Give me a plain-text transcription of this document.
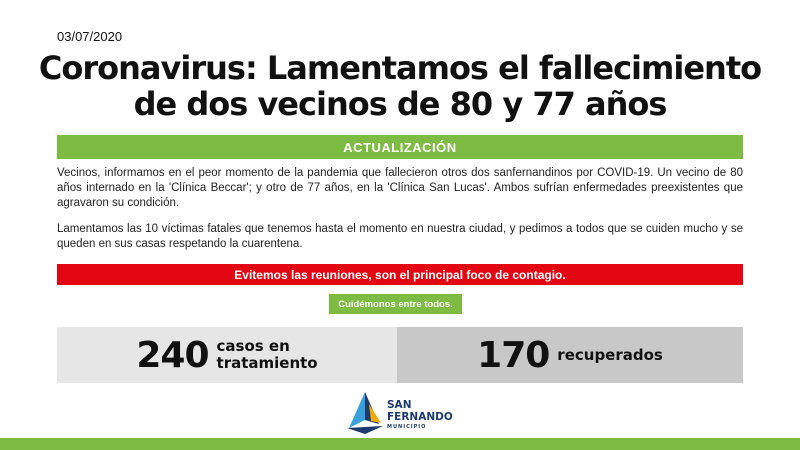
03/07/2020
Coronavirus: Lamentamos el fallecimiento
de dos vecinos de 80 y 77 años
ACTUALIZACIÓN

Vecinos, informamos en el peor momento de la pandemia que fallecieron otros dos sanfernandinos por COVID-19. Un vecino de 80 años internado en la 'Clínica Beccar'; y otro de 77 años, en la 'Clínica San Lucas'. Ambos sufrían enfermedades preexistentes que agravaron su condición.

Lamentamos las 10 víctimas fatales que tenemos hasta el momento en nuestra ciudad, y pedimos a todos que se cuiden mucho y se queden en sus casas respetando la cuarentena.

Evitemos las reuniones, son el principal foco de contagio.
Cuidémonos entre todos.
240 casos en
tratamiento	170 recuperados
SAN
FERNANDO
MUNICIPIO
